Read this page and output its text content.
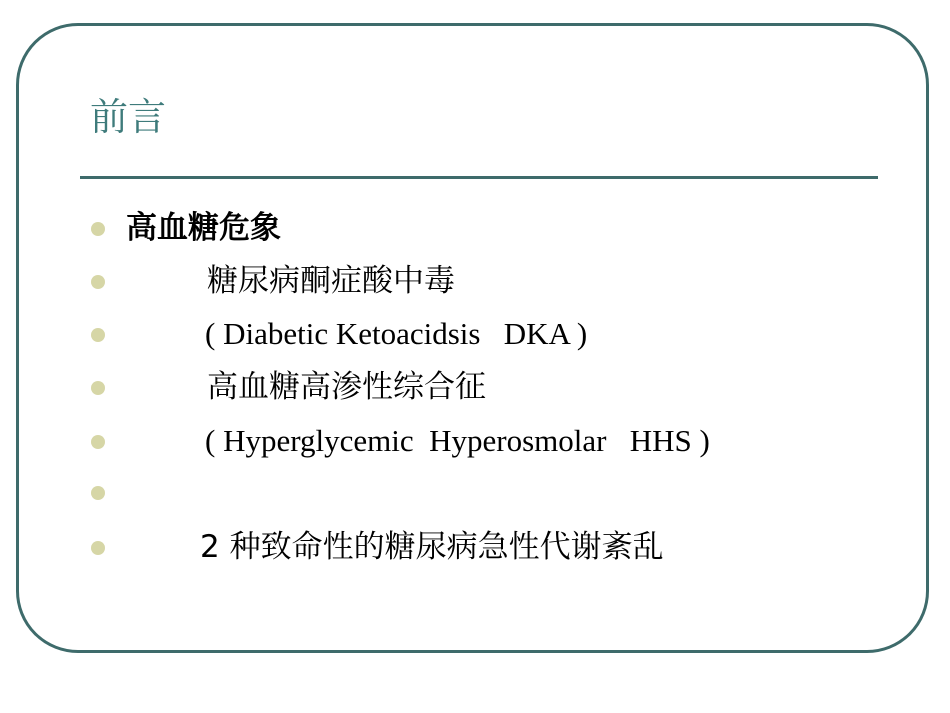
前言
高血糖危象
糖尿病酮症酸中毒
( Diabetic Ketoacidsis   DKA )
高血糖高渗性综合征
( Hyperglycemic  Hyperosmolar   HHS )
2 种致命性的糖尿病急性代谢紊乱
